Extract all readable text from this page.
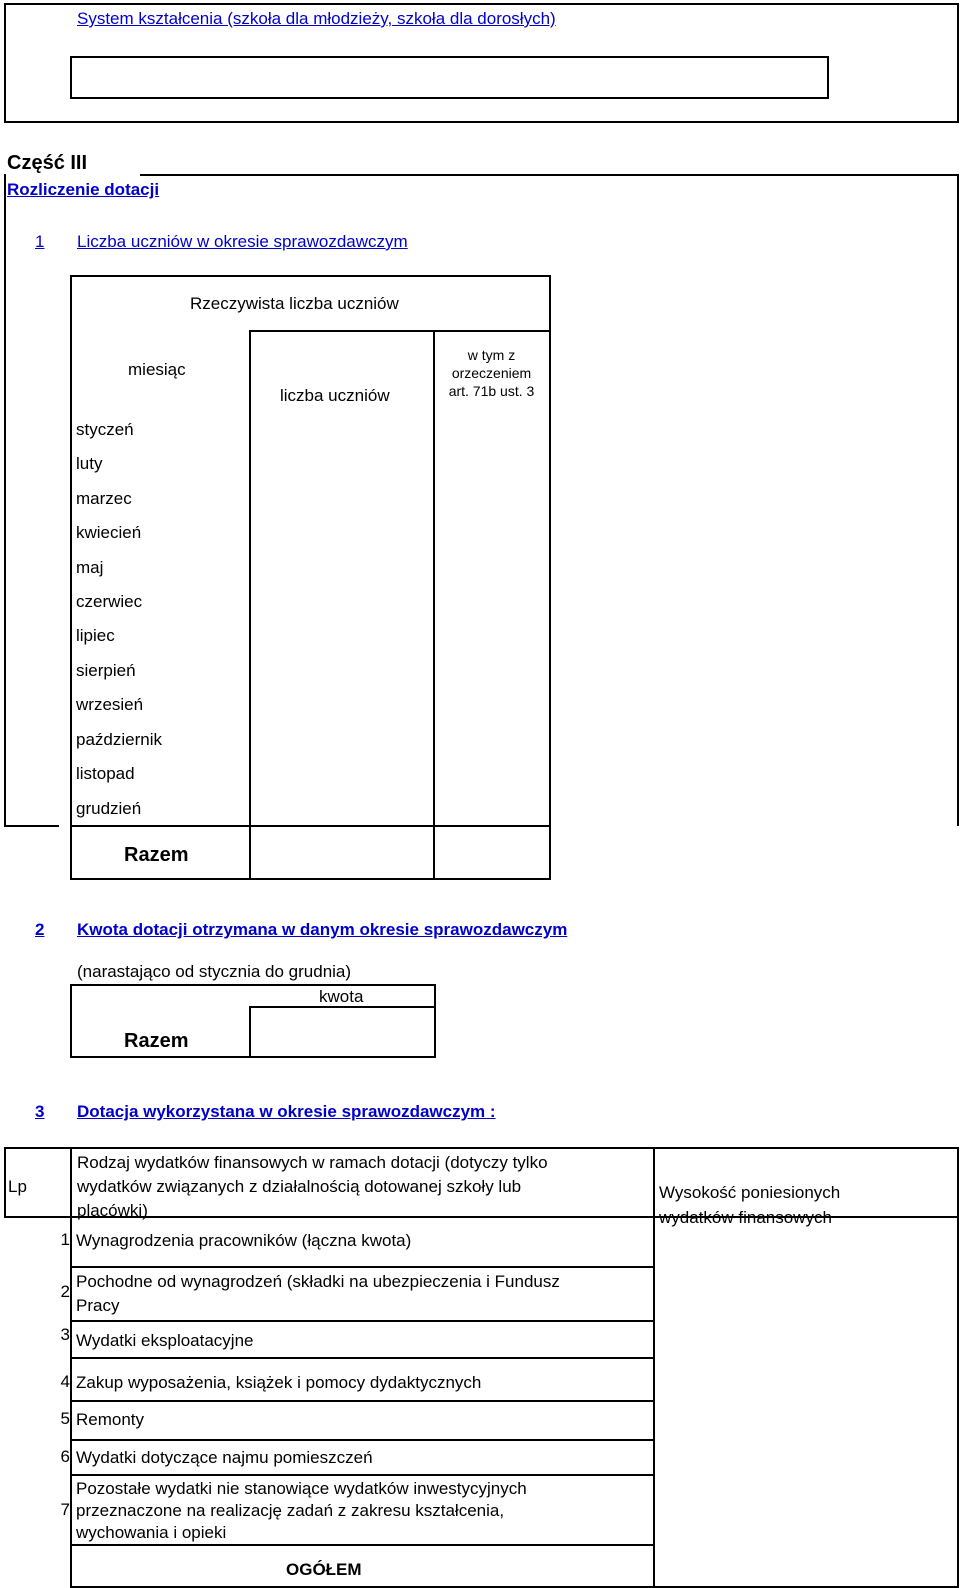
System kształcenia (szkoła dla młodzieży, szkoła dla dorosłych)
Część III
Rozliczenie dotacji
1 Liczba uczniów w okresie sprawozdawczym
Rzeczywista liczba uczniów
miesiąc
liczba uczniów
w tym z
orzeczeniem
art. 71b ust. 3
styczeń
luty
marzec
kwiecień
maj
czerwiec
lipiec
sierpień
wrzesień
październik
listopad
grudzień
Razem
2 Kwota dotacji otrzymana w danym okresie sprawozdawczym
(narastająco od stycznia do grudnia)
kwota
Razem
3 Dotacja wykorzystana w okresie sprawozdawczym :
Lp
Rodzaj wydatków finansowych w ramach dotacji (dotyczy tylko
wydatków związanych z działalnością dotowanej szkoły lub
placówki)
Wysokość poniesionych
wydatków finansowych
1 Wynagrodzenia pracowników (łączna kwota)
2
Pochodne od wynagrodzeń (składki na ubezpieczenia i Fundusz
Pracy
3 Wydatki eksploatacyjne
4 Zakup wyposażenia, książek i pomocy dydaktycznych
5 Remonty
6 Wydatki dotyczące najmu pomieszczeń
7
Pozostałe wydatki nie stanowiące wydatków inwestycyjnych
przeznaczone na realizację zadań z zakresu kształcenia,
wychowania i opieki
OGÓŁEM
